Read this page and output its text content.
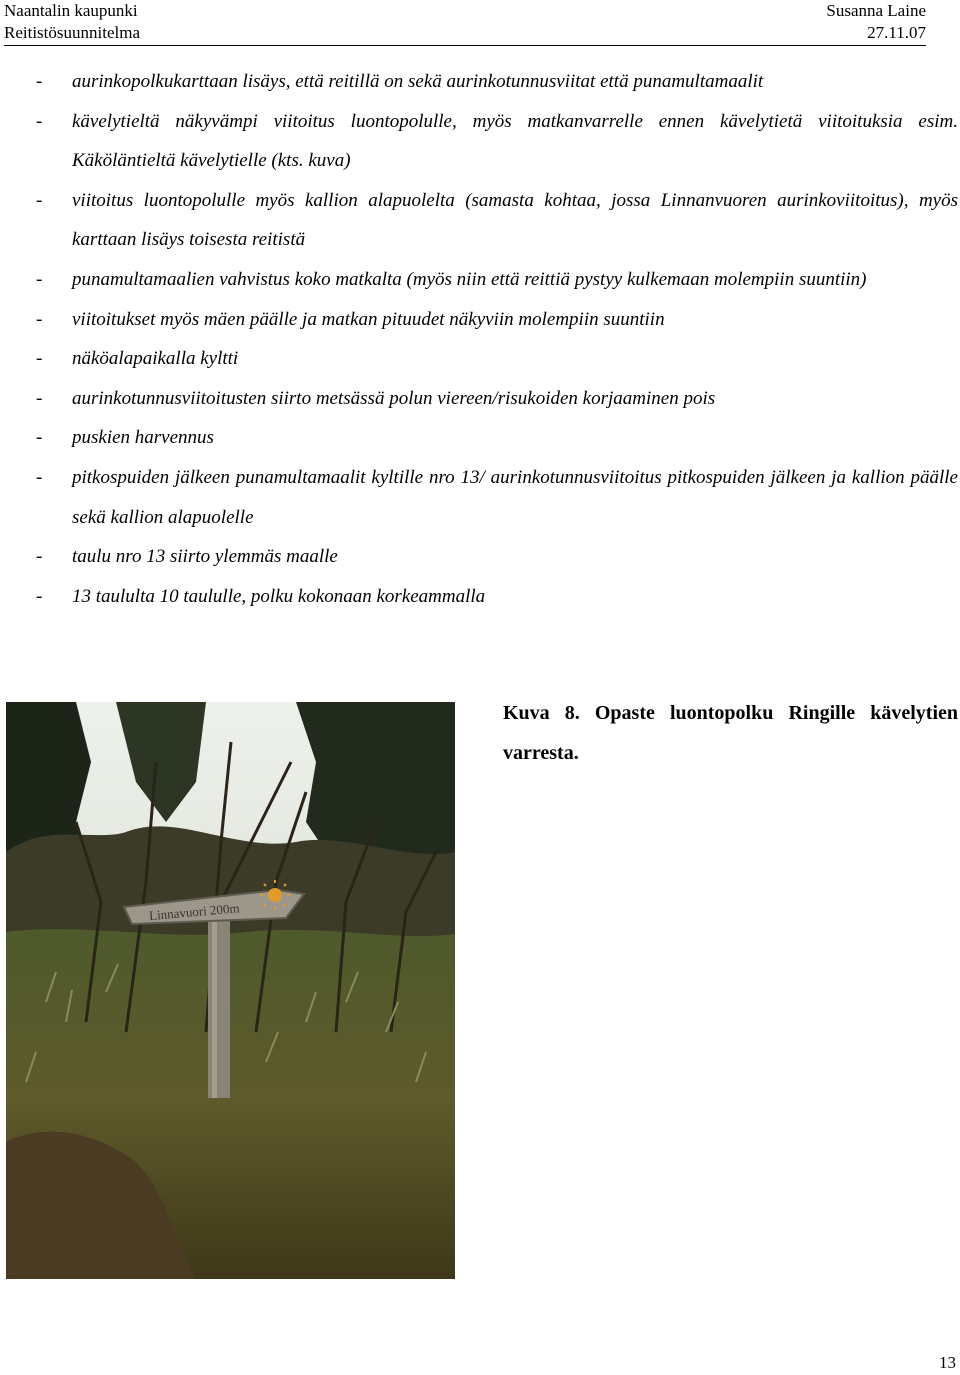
Naantalin kaupunki
Reitistösuunnitelma
Susanna Laine
27.11.07
- aurinkopolkukarttaan lisäys, että reitillä on sekä aurinkotunnusviitat että punamultamaalit
- kävelytieltä näkyvämpi viitoitus luontopolulle, myös matkanvarrelle ennen kävelytietä viitoituksia esim. Käköläntieltä kävelytielle (kts. kuva)
- viitoitus luontopolulle myös kallion alapuolelta (samasta kohtaa, jossa Linnanvuoren aurinkoviitoitus), myös karttaan lisäys toisesta reitistä
- punamultamaalien vahvistus koko matkalta (myös niin että reittiä pystyy kulkemaan molempiin suuntiin)
- viitoitukset myös mäen päälle ja matkan pituudet näkyviin molempiin suuntiin
- näköalapaikalla kyltti
- aurinkotunnusviitoitusten siirto metsässä polun viereen/risukoiden korjaaminen pois
- puskien harvennus
- pitkospuiden jälkeen punamultamaalit kyltille nro 13/ aurinkotunnusviitoitus pitkospuiden jälkeen ja kallion päälle sekä kallion alapuolelle
- taulu nro 13 siirto ylemmäs maalle
- 13 taululta 10 taululle, polku kokonaan korkeammalla
Linnavuori 200m
Kuva 8. Opaste luontopolku Ringille kävelytien varresta.
13
